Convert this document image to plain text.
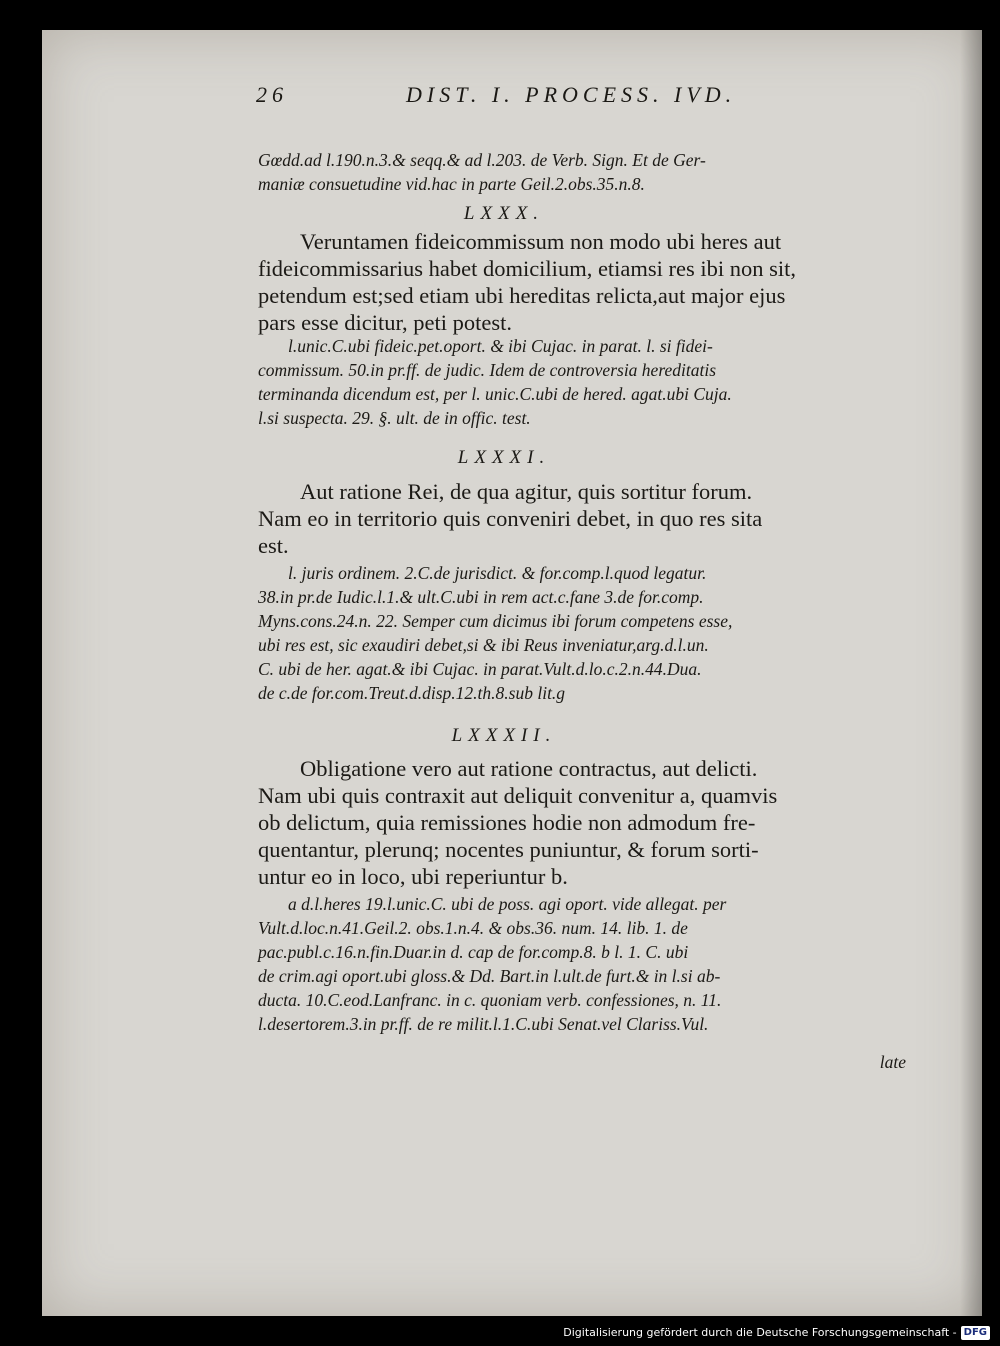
26	DIST. I. PROCESS. IVD.
Gœdd.ad l.190.n.3.& seqq.& ad l.203. de Verb. Sign. Et de Ger-
maniæ consuetudine vid.hac in parte Geil.2.obs.35.n.8.
LXXX.
Veruntamen fideicommissum non modo ubi heres aut
fideicommissarius habet domicilium, etiamsi res ibi non sit,
petendum est;sed etiam ubi hereditas relicta,aut major ejus
pars esse dicitur, peti potest.
l.unic.C.ubi fideic.pet.oport. & ibi Cujac. in parat. l. si fidei-
commissum. 50.in pr.ff. de judic. Idem de controversia hereditatis
terminanda dicendum est, per l. unic.C.ubi de hered. agat.ubi Cuja.
l.si suspecta. 29. §. ult. de in offic. test.
LXXXI.
Aut ratione Rei, de qua agitur, quis sortitur forum.
Nam eo in territorio quis conveniri debet, in quo res sita
est.
l. juris ordinem. 2.C.de jurisdict. & for.comp.l.quod legatur.
38.in pr.de Iudic.l.1.& ult.C.ubi in rem act.c.fane 3.de for.comp.
Myns.cons.24.n. 22. Semper cum dicimus ibi forum competens esse,
ubi res est, sic exaudiri debet,si & ibi Reus inveniatur,arg.d.l.un.
C. ubi de her. agat.& ibi Cujac. in parat.Vult.d.lo.c.2.n.44.Dua.
de c.de for.com.Treut.d.disp.12.th.8.sub lit.g
LXXXII.
Obligatione vero aut ratione contractus, aut delicti.
Nam ubi quis contraxit aut deliquit convenitur a, quamvis
ob delictum, quia remissiones hodie non admodum fre-
quentantur, plerunq; nocentes puniuntur, & forum sorti-
untur eo in loco, ubi reperiuntur b.
a d.l.heres 19.l.unic.C. ubi de poss. agi oport. vide allegat. per
Vult.d.loc.n.41.Geil.2. obs.1.n.4. & obs.36. num. 14. lib. 1. de
pac.publ.c.16.n.fin.Duar.in d. cap de for.comp.8. b l. 1. C. ubi
de crim.agi oport.ubi gloss.& Dd. Bart.in l.ult.de furt.& in l.si ab-
ducta. 10.C.eod.Lanfranc. in c. quoniam verb. confessiones, n. 11.
l.desertorem.3.in pr.ff. de re milit.l.1.C.ubi Senat.vel Clariss.Vul.
late
Digitalisierung gefördert durch die Deutsche Forschungsgemeinschaft - DFG
